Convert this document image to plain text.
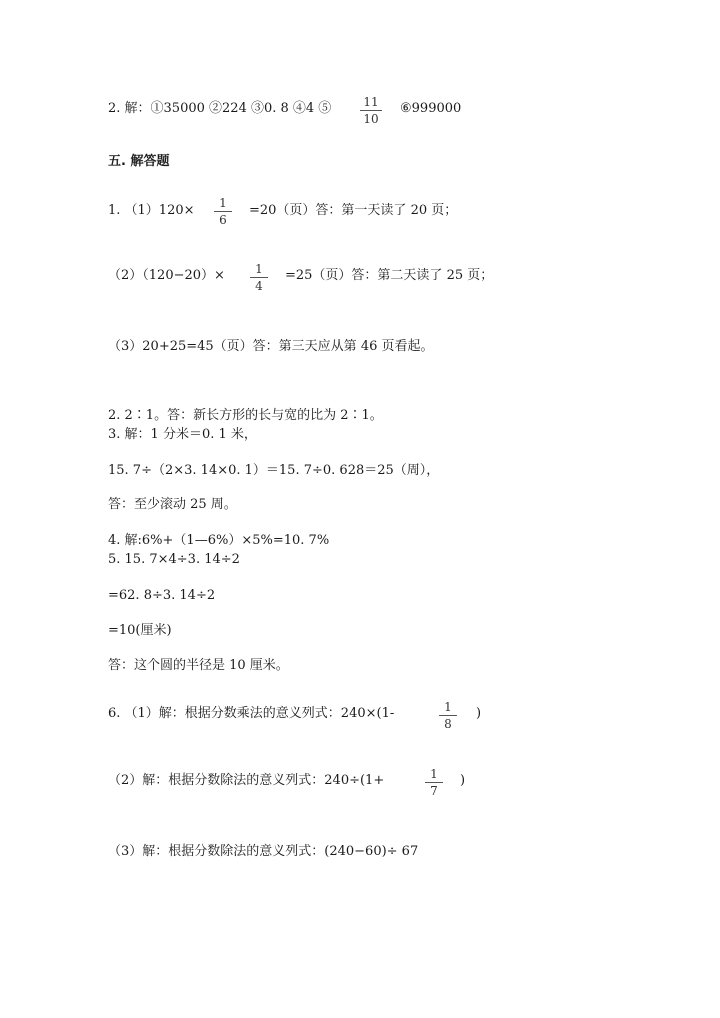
2. 解：①35000 ②224 ③0. 8 ④4 ⑤	11
10
⑥999000
五. 解答题
1. （1）120×	1
6
=20（页）答：第一天读了 20 页；
（2）（120−20）×	1
4
=25（页）答：第二天读了 25 页；
（3）20+25=45（页）答：第三天应从第 46 页看起。
2. 2∶1。答：新长方形的长与宽的比为 2∶1。
3. 解：1 分米＝0. 1 米，
15. 7÷（2×3. 14×0. 1）＝15. 7÷0. 628＝25（周），
答：至少滚动 25 周。
4. 解:6%+（1—6%）×5%=10. 7%
5. 15. 7×4÷3. 14÷2
=62. 8÷3. 14÷2
=10(厘米)
答：这个圆的半径是 10 厘米。
6. （1）解：根据分数乘法的意义列式：240×(1-	1
8
)
（2）解：根据分数除法的意义列式：240÷(1+	1
7
)
（3）解：根据分数除法的意义列式：(240−60)÷ 67
